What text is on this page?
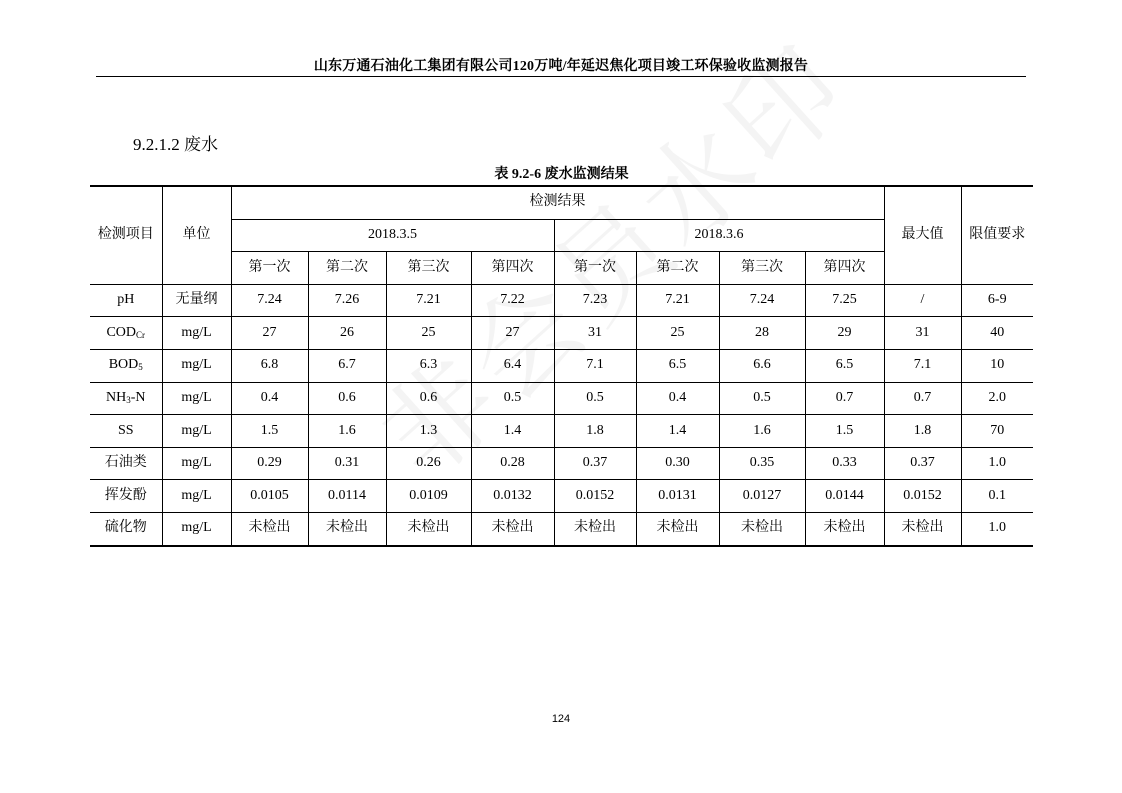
山东万通石油化工集团有限公司120万吨/年延迟焦化项目竣工环保验收监测报告
9.2.1.2 废水
表 9.2-6 废水监测结果
检测项目	单位	检测结果								最大值	限值要求
		2018.3.5				2018.3.6					
		第一次	第二次	第三次	第四次	第一次	第二次	第三次	第四次		
pH	无量纲	7.24	7.26	7.21	7.22	7.23	7.21	7.24	7.25	/	6-9
$COD_{Cr}$	mg/L	27	26	25	27	31	25	28	29	31	40
$BOD_5$	mg/L	6.8	6.7	6.3	6.4	7.1	6.5	6.6	6.5	7.1	10
$NH_3-N$	mg/L	0.4	0.6	0.6	0.5	0.5	0.4	0.5	0.7	0.7	2.0
SS	mg/L	1.5	1.6	1.3	1.4	1.8	1.4	1.6	1.5	1.8	70
石油类	mg/L	0.29	0.31	0.26	0.28	0.37	0.30	0.35	0.33	0.37	1.0
挥发酚	mg/L	0.0105	0.0114	0.0109	0.0132	0.0152	0.0131	0.0127	0.0144	0.0152	0.1
硫化物	mg/L	未检出	未检出	未检出	未检出	未检出	未检出	未检出	未检出	未检出	1.0
124
